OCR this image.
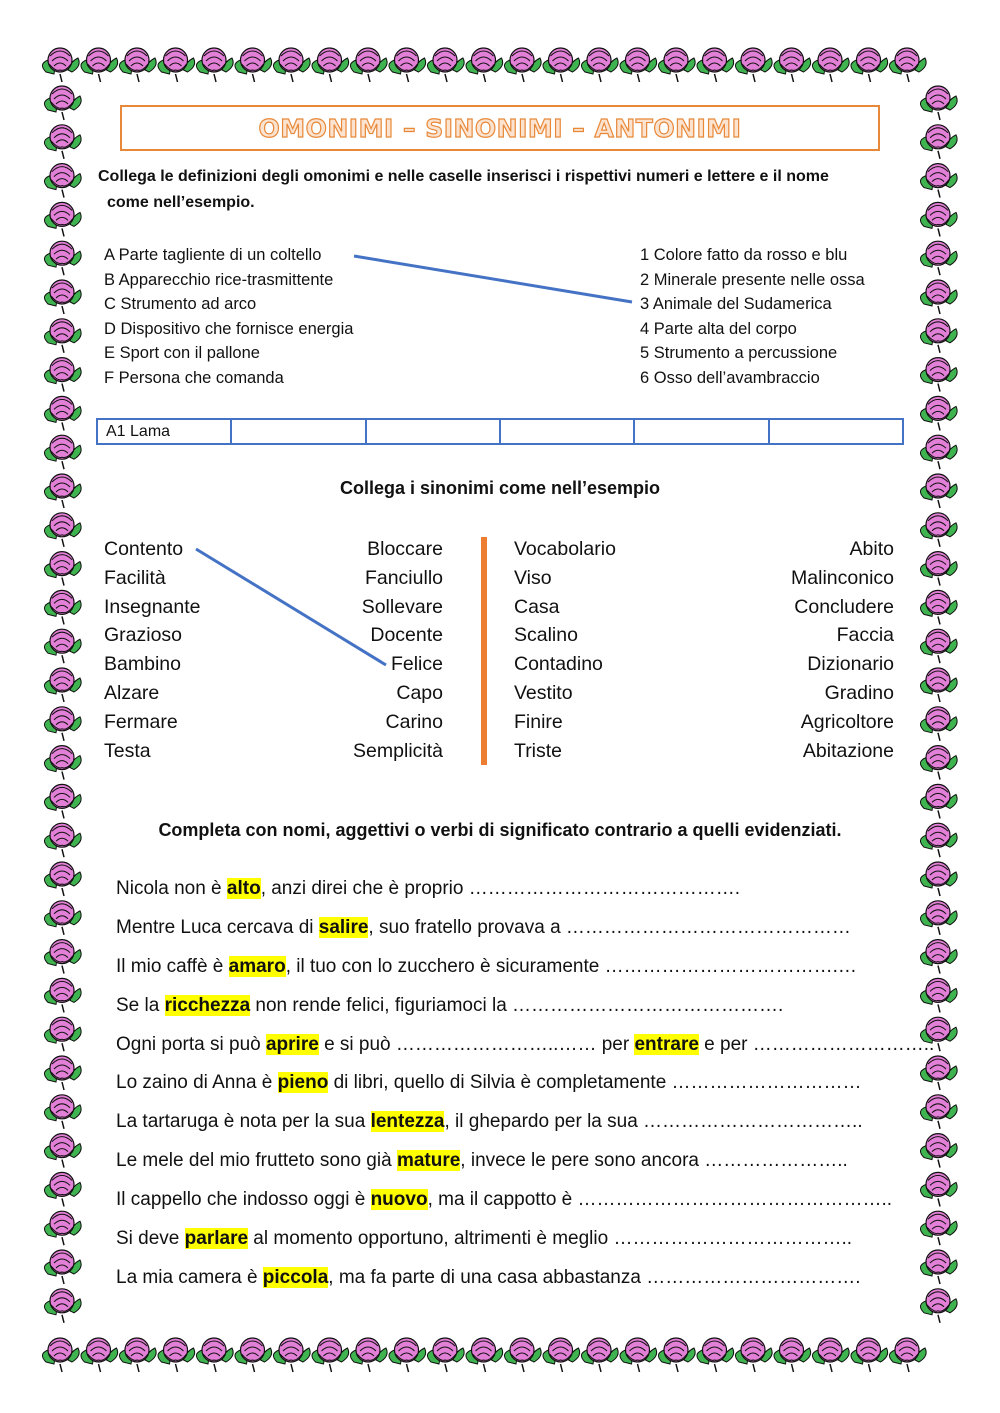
OMONIMI – SINONIMI – ANTONIMI
Collega le definizioni degli omonimi e nelle caselle inserisci i rispettivi numeri e lettere e il nome
come nell’esempio.
A Parte tagliente di un coltello
B Apparecchio rice-trasmittente
C Strumento ad arco
D Dispositivo che fornisce energia
E Sport con il pallone
F Persona che comanda
1 Colore fatto da rosso e blu
2 Minerale presente nelle ossa
3 Animale del Sudamerica
4 Parte alta del corpo
5 Strumento a percussione
6 Osso dell’avambraccio
A1 Lama
Collega i sinonimi come nell’esempio
Contento
Facilità
Insegnante
Grazioso
Bambino
Alzare
Fermare
Testa
Bloccare
Fanciullo
Sollevare
Docente
Felice
Capo
Carino
Semplicità
Vocabolario
Viso
Casa
Scalino
Contadino
Vestito
Finire
Triste
Abito
Malinconico
Concludere
Faccia
Dizionario
Gradino
Agricoltore
Abitazione
Completa con nomi, aggettivi o verbi di significato contrario a quelli evidenziati.
Nicola non è alto, anzi direi che è proprio …………………………………….
Mentre Luca cercava di salire, suo fratello provava a ………………………………………
Il mio caffè è amaro, il tuo con lo zucchero è sicuramente ……………………………….…
Se la ricchezza non rende felici, figuriamoci la …………………………………….
Ogni porta si può aprire e si può ……………………..…… per entrare e per ………………………..
Lo zaino di Anna è pieno di libri, quello di Silvia è completamente …………………………
La tartaruga è nota per la sua lentezza, il ghepardo per la sua ……………………………..
Le mele del mio frutteto sono già mature, invece le pere sono ancora …………………..
Il cappello che indosso oggi è nuovo, ma il cappotto è …………………………………………..
Si deve parlare al momento opportuno, altrimenti è meglio ………………………………..
La mia camera è piccola, ma fa parte di una casa abbastanza …………………………….
